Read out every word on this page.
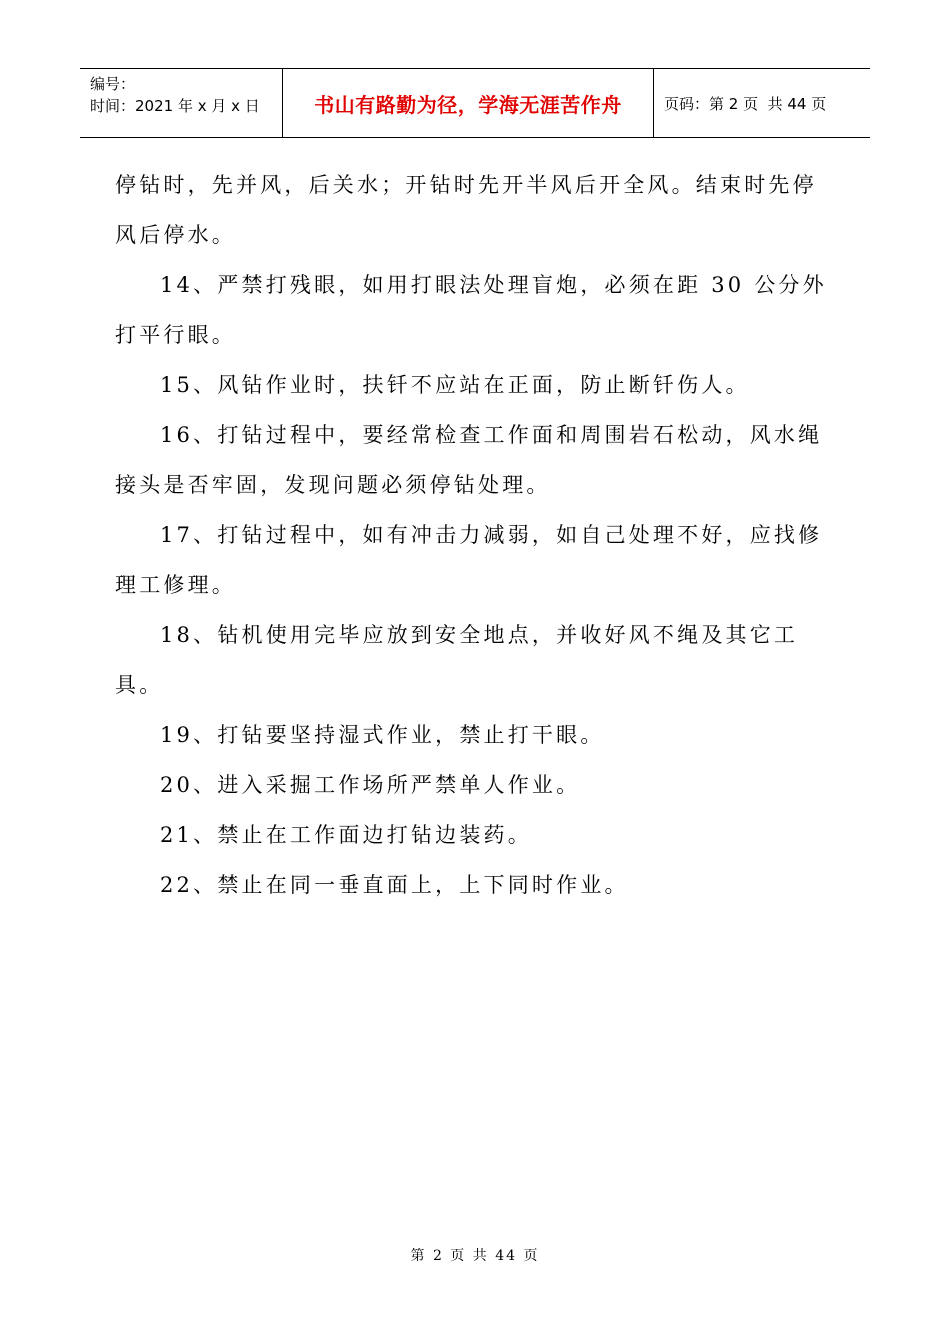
编号：
时间：2021 年 x 月 x 日	书山有路勤为径，学海无涯苦作舟	页码：第 2 页  共 44 页

停钻时，先并风，后关水；开钻时先开半风后开全风。结束时先停风后停水。

14、严禁打残眼，如用打眼法处理盲炮，必须在距 30 公分外打平行眼。

15、风钻作业时，扶钎不应站在正面，防止断钎伤人。

16、打钻过程中，要经常检查工作面和周围岩石松动，风水绳接头是否牢固，发现问题必须停钻处理。

17、打钻过程中，如有冲击力减弱，如自己处理不好，应找修理工修理。

18、钻机使用完毕应放到安全地点，并收好风不绳及其它工具。

19、打钻要坚持湿式作业，禁止打干眼。

20、进入采掘工作场所严禁单人作业。

21、禁止在工作面边打钻边装药。

22、禁止在同一垂直面上，上下同时作业。

第 2 页 共 44 页
